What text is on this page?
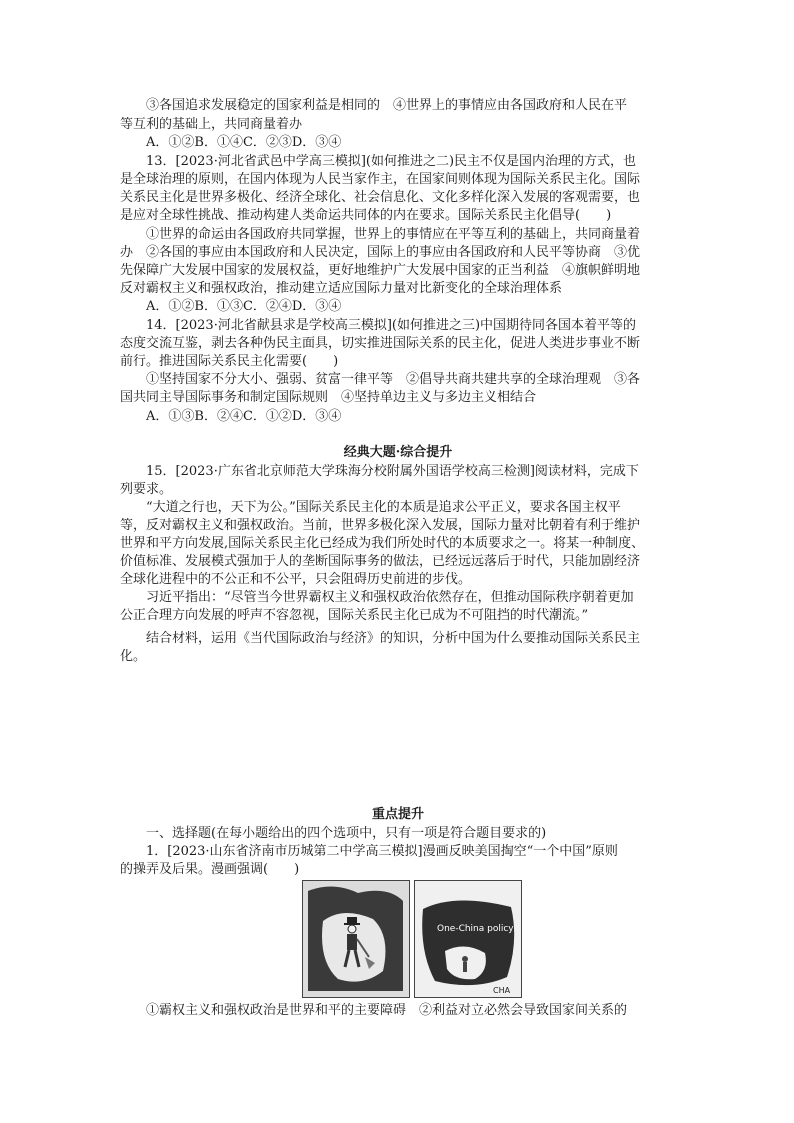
③各国追求发展稳定的国家利益是相同的　④世界上的事情应由各国政府和人民在平
等互利的基础上，共同商量着办
A．①②B．①④C．②③D．③④
13．[2023·河北省武邑中学高三模拟](如何推进之二)民主不仅是国内治理的方式，也
是全球治理的原则，在国内体现为人民当家作主，在国家间则体现为国际关系民主化。国际
关系民主化是世界多极化、经济全球化、社会信息化、文化多样化深入发展的客观需要，也
是应对全球性挑战、推动构建人类命运共同体的内在要求。国际关系民主化倡导(　　)
①世界的命运由各国政府共同掌握，世界上的事情应在平等互利的基础上，共同商量着
办　②各国的事应由本国政府和人民决定，国际上的事应由各国政府和人民平等协商　③优
先保障广大发展中国家的发展权益，更好地维护广大发展中国家的正当利益　④旗帜鲜明地
反对霸权主义和强权政治，推动建立适应国际力量对比新变化的全球治理体系
A．①②B．①③C．②④D．③④
14．[2023·河北省献县求是学校高三模拟](如何推进之三)中国期待同各国本着平等的
态度交流互鉴，剥去各种伪民主面具，切实推进国际关系的民主化，促进人类进步事业不断
前行。推进国际关系民主化需要(　　)
①坚持国家不分大小、强弱、贫富一律平等　②倡导共商共建共享的全球治理观　③各
国共同主导国际事务和制定国际规则　④坚持单边主义与多边主义相结合
A．①③B．②④C．①②D．③④
经典大题·综合提升
15．[2023·广东省北京师范大学珠海分校附属外国语学校高三检测]阅读材料，完成下
列要求。
“大道之行也，天下为公。”国际关系民主化的本质是追求公平正义，要求各国主权平
等，反对霸权主义和强权政治。当前，世界多极化深入发展，国际力量对比朝着有利于维护
世界和平方向发展,国际关系民主化已经成为我们所处时代的本质要求之一。将某一种制度、
价值标准、发展模式强加于人的垄断国际事务的做法，已经远远落后于时代，只能加剧经济
全球化进程中的不公正和不公平，只会阻碍历史前进的步伐。
习近平指出：“尽管当今世界霸权主义和强权政治依然存在，但推动国际秩序朝着更加
公正合理方向发展的呼声不容忽视，国际关系民主化已成为不可阻挡的时代潮流。”
结合材料，运用《当代国际政治与经济》的知识，分析中国为什么要推动国际关系民主
化。
重点提升
一、选择题(在每小题给出的四个选项中，只有一项是符合题目要求的)
1．[2023·山东省济南市历城第二中学高三模拟]漫画反映美国掏空“一个中国”原则
的操弄及后果。漫画强调(　　)
One-China policy
CHA
①霸权主义和强权政治是世界和平的主要障碍　②利益对立必然会导致国家间关系的
